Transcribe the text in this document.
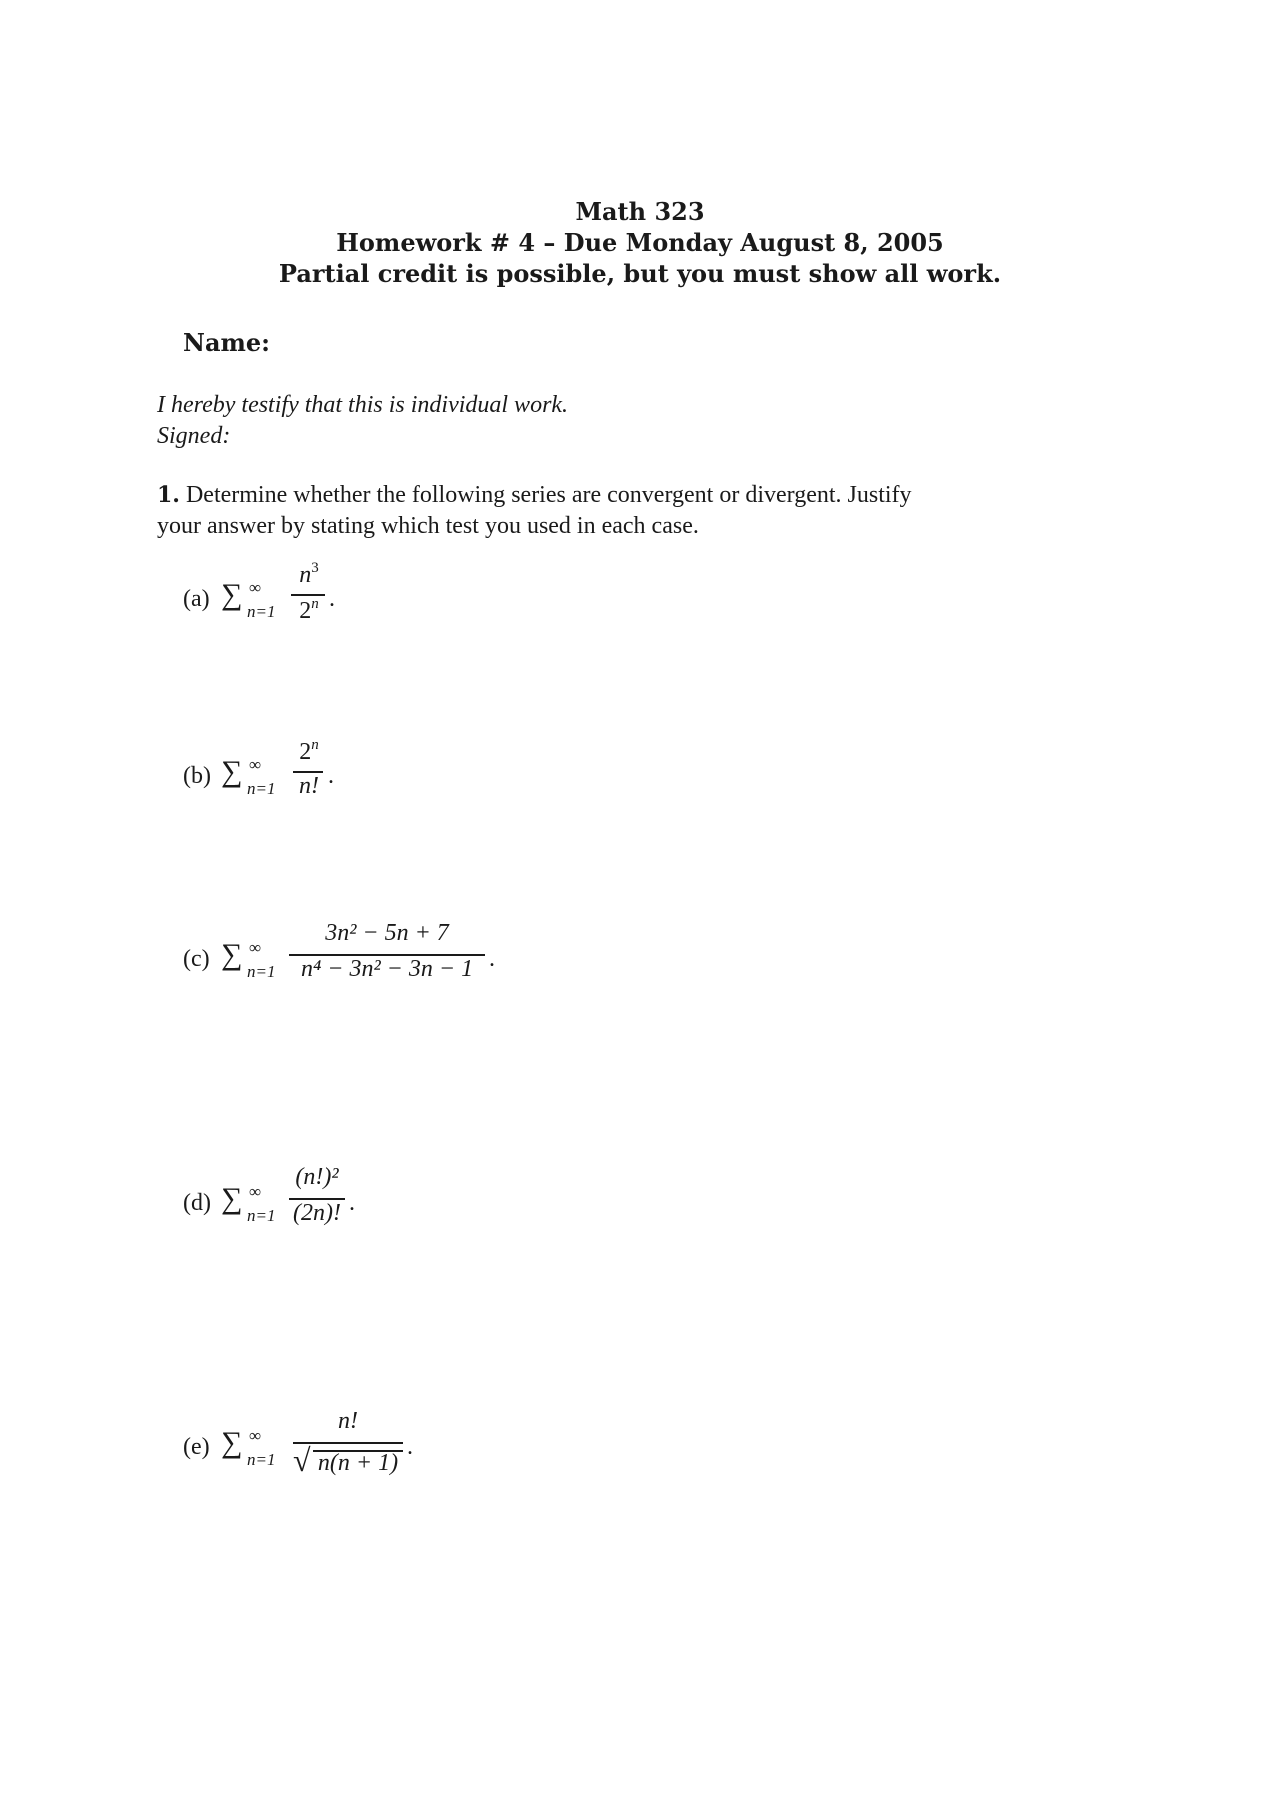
Math 323
Homework # 4 – Due Monday August 8, 2005
Partial credit is possible, but you must show all work.
Name:
I hereby testify that this is individual work.
Signed:
1. Determine whether the following series are convergent or divergent. Justify
your answer by stating which test you used in each case.
(a) ∑ ∞
n=1
$n^3$
2$^n$ .
(b) ∑ ∞
n=1
2$^n$
n! .
(c) ∑ ∞
n=1
3n² − 5n + 7
n⁴ − 3n² − 3n − 1 .
(d) ∑ ∞
n=1
(n!)²
(2n)! .
(e) ∑ ∞
n=1
n!
√ n(n + 1)
.
